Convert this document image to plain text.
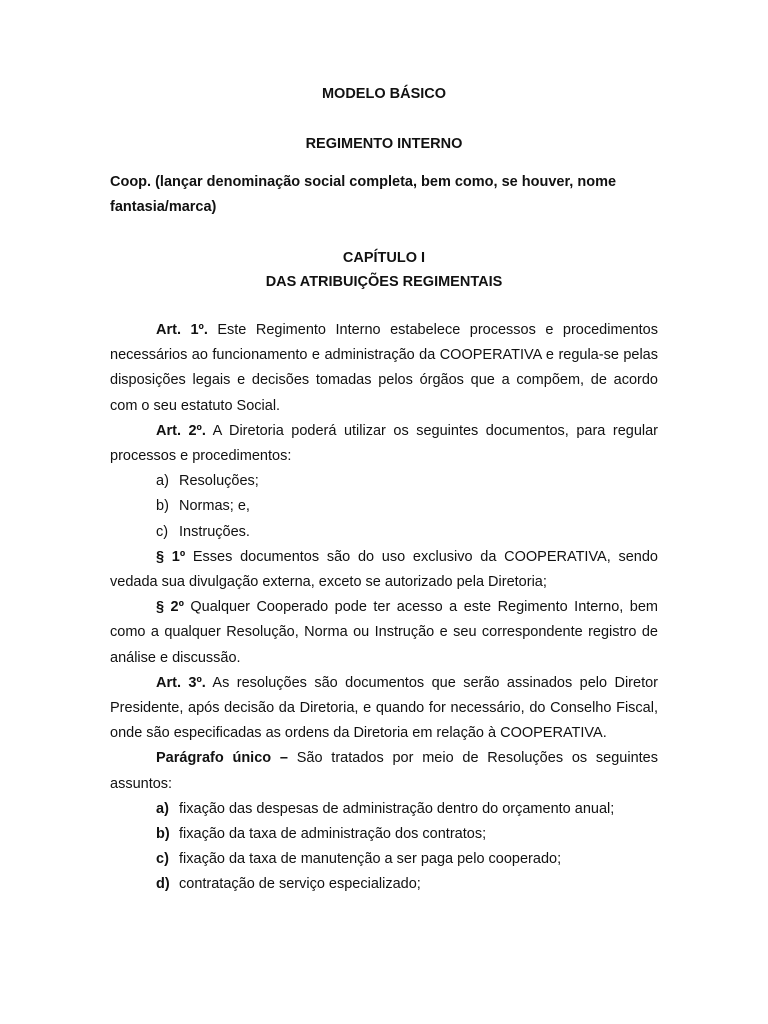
MODELO BÁSICO
REGIMENTO INTERNO
Coop. (lançar denominação social completa, bem como, se houver, nome fantasia/marca)
CAPÍTULO I
DAS ATRIBUIÇÕES REGIMENTAIS

Art. 1º. Este Regimento Interno estabelece processos e procedimentos necessários ao funcionamento e administração da COOPERATIVA e regula-se pelas disposições legais e decisões tomadas pelos órgãos que a compõem, de acordo com o seu estatuto Social.

Art. 2º. A Diretoria poderá utilizar os seguintes documentos, para regular processos e procedimentos:

a) Resoluções;
b) Normas; e,
c) Instruções.

§ 1º Esses documentos são do uso exclusivo da COOPERATIVA, sendo vedada sua divulgação externa, exceto se autorizado pela Diretoria;

§ 2º Qualquer Cooperado pode ter acesso a este Regimento Interno, bem como a qualquer Resolução, Norma ou Instrução e seu correspondente registro de análise e discussão.

Art. 3º. As resoluções são documentos que serão assinados pelo Diretor Presidente, após decisão da Diretoria, e quando for necessário, do Conselho Fiscal, onde são especificadas as ordens da Diretoria em relação à COOPERATIVA.

Parágrafo único – São tratados por meio de Resoluções os seguintes assuntos:

a) fixação das despesas de administração dentro do orçamento anual;
b) fixação da taxa de administração dos contratos;
c) fixação da taxa de manutenção a ser paga pelo cooperado;
d) contratação de serviço especializado;
